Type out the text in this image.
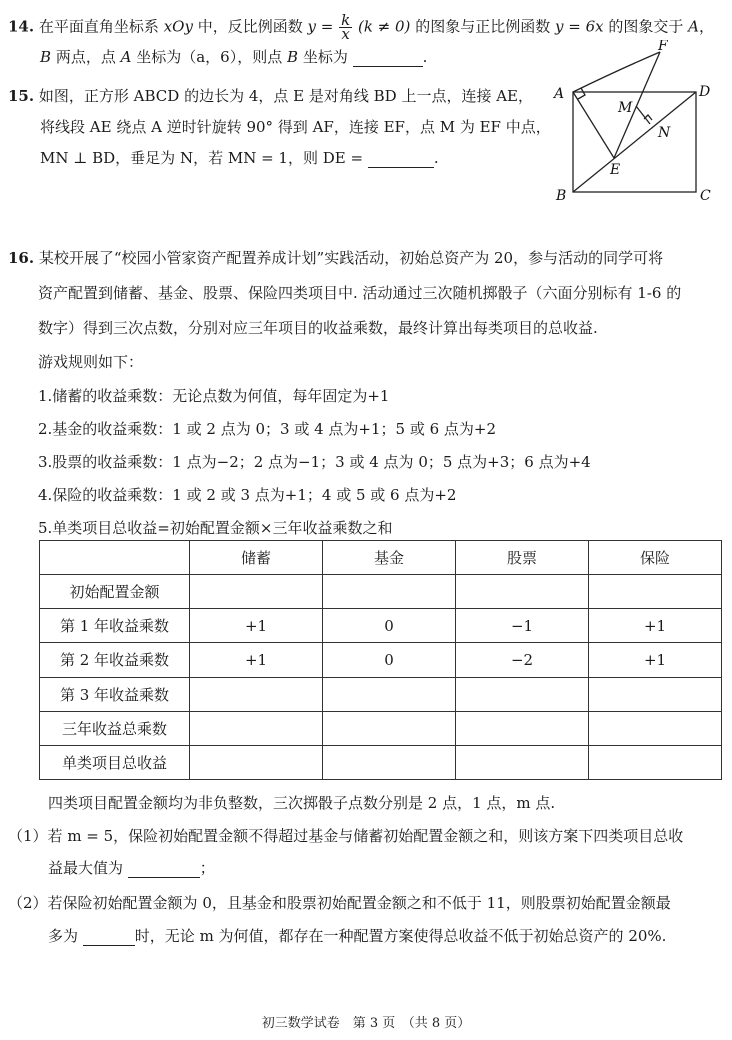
14. 在平面直角坐标系 xOy 中，反比例函数 $y = \frac{k}{x} (k \ne 0)$ 的图象与正比例函数 y = 6x 的图象交于 A，
B 两点，点 A 坐标为（a，6），则点 B 坐标为	.
15. 如图，正方形 ABCD 的边长为 4，点 E 是对角线 BD 上一点，连接 AE，
将线段 AE 绕点 A 逆时针旋转 90° 得到 AF，连接 EF，点 M 为 EF 中点，
MN ⊥ BD，垂足为 N，若 MN = 1，则 DE =	.
A
B	C
D
E
F
M
N
16. 某校开展了“校园小管家资产配置养成计划”实践活动，初始总资产为 20，参与活动的同学可将
资产配置到储蓄、基金、股票、保险四类项目中. 活动通过三次随机掷骰子（六面分别标有 1-6 的
数字）得到三次点数，分别对应三年项目的收益乘数，最终计算出每类项目的总收益.
游戏规则如下：
1.储蓄的收益乘数：无论点数为何值，每年固定为+1
2.基金的收益乘数：1 或 2 点为 0；3 或 4 点为+1；5 或 6 点为+2
3.股票的收益乘数：1 点为−2；2 点为−1；3 或 4 点为 0；5 点为+3；6 点为+4
4.保险的收益乘数：1 或 2 或 3 点为+1；4 或 5 或 6 点为+2
5.单类项目总收益=初始配置金额×三年收益乘数之和
	储蓄	基金	股票	保险
初始配置金额				
第 1 年收益乘数	+1	0	−1	+1
第 2 年收益乘数	+1	0	−2	+1
第 3 年收益乘数				
三年收益总乘数				
单类项目总收益				
四类项目配置金额均为非负整数，三次掷骰子点数分别是 2 点，1 点，m 点.
（1）若 m = 5，保险初始配置金额不得超过基金与储蓄初始配置金额之和，则该方案下四类项目总收
益最大值为	；
（2）若保险初始配置金额为 0，且基金和股票初始配置金额之和不低于 11，则股票初始配置金额最
多为	时，无论 m 为何值，都存在一种配置方案使得总收益不低于初始总资产的 20%.
初三数学试卷　第 3 页　（共 8 页）
